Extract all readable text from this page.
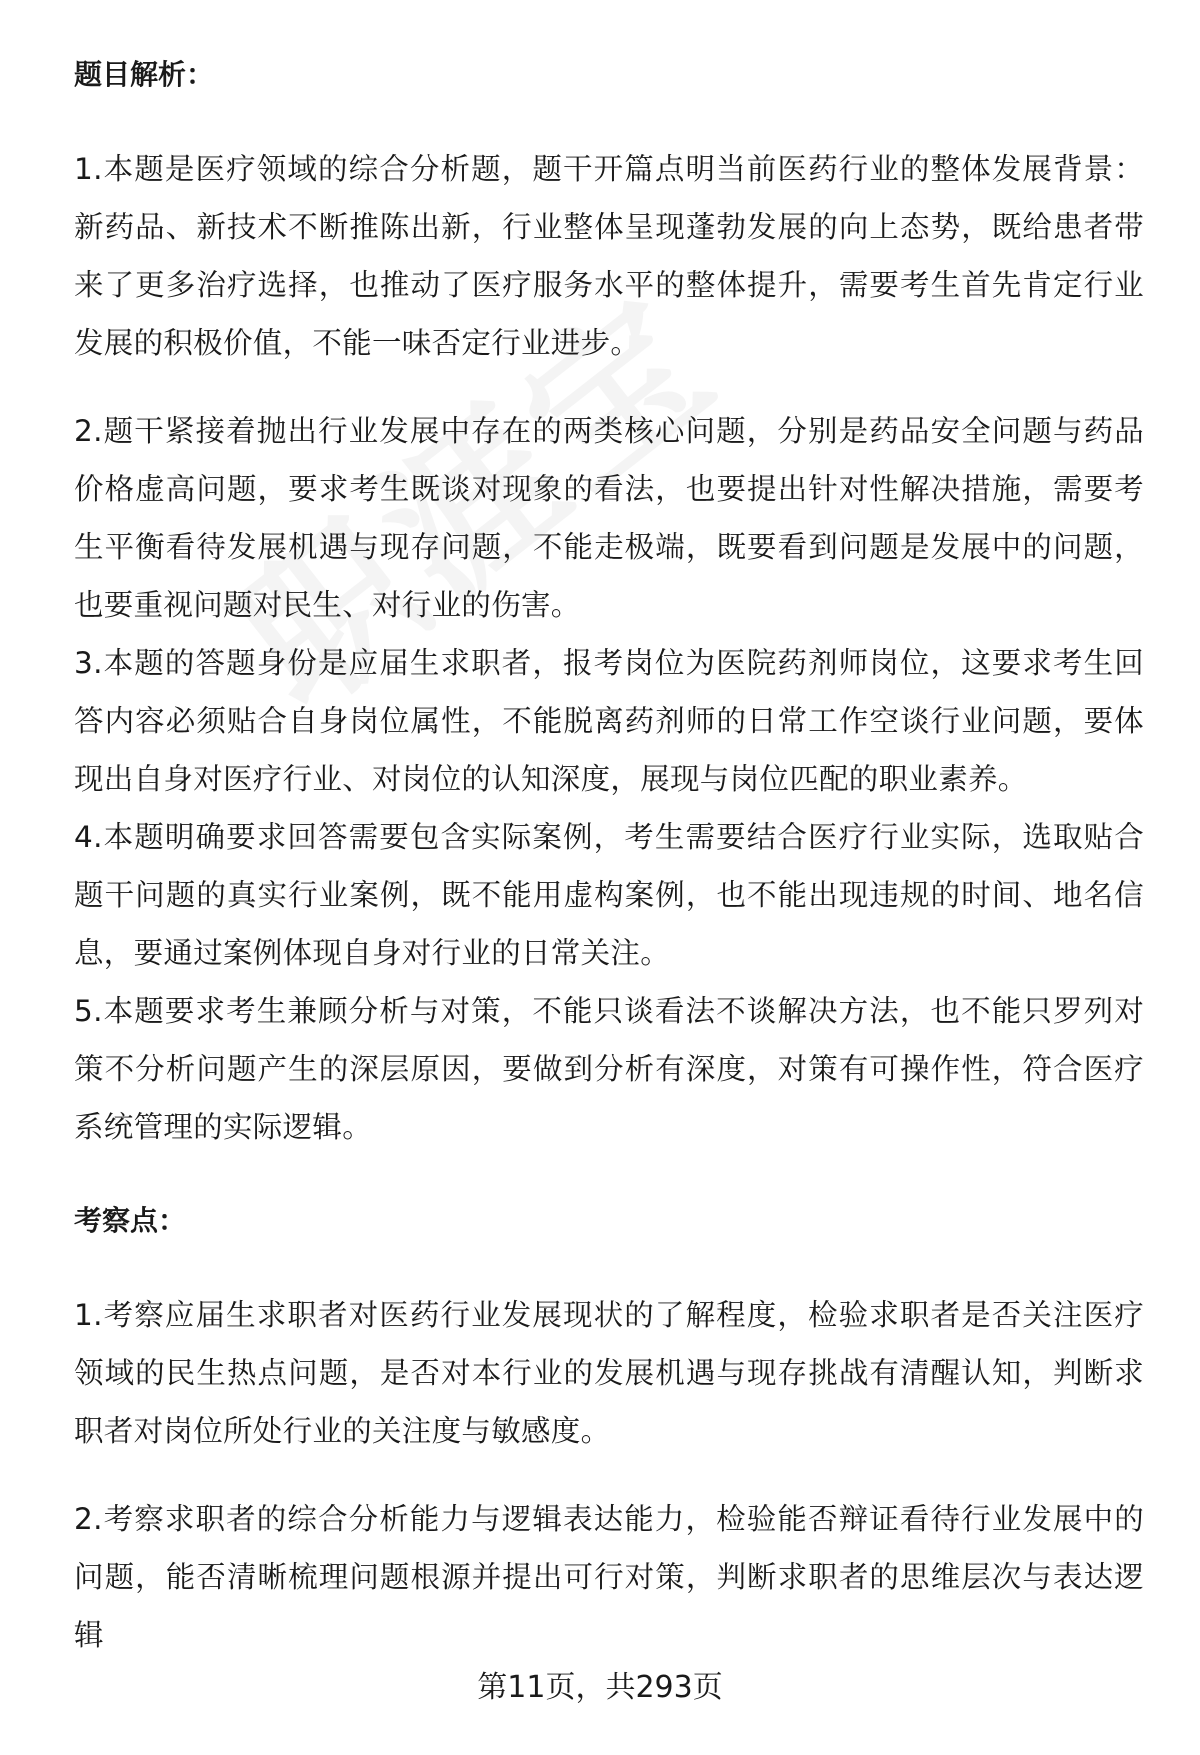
题目解析：

1.本题是医疗领域的综合分析题，题干开篇点明当前医药行业的整体发展背景：新药品、新技术不断推陈出新，行业整体呈现蓬勃发展的向上态势，既给患者带来了更多治疗选择，也推动了医疗服务水平的整体提升，需要考生首先肯定行业发展的积极价值，不能一味否定行业进步。

2.题干紧接着抛出行业发展中存在的两类核心问题，分别是药品安全问题与药品价格虚高问题，要求考生既谈对现象的看法，也要提出针对性解决措施，需要考生平衡看待发展机遇与现存问题，不能走极端，既要看到问题是发展中的问题，也要重视问题对民生、对行业的伤害。

3.本题的答题身份是应届生求职者，报考岗位为医院药剂师岗位，这要求考生回答内容必须贴合自身岗位属性，不能脱离药剂师的日常工作空谈行业问题，要体现出自身对医疗行业、对岗位的认知深度，展现与岗位匹配的职业素养。

4.本题明确要求回答需要包含实际案例，考生需要结合医疗行业实际，选取贴合题干问题的真实行业案例，既不能用虚构案例，也不能出现违规的时间、地名信息，要通过案例体现自身对行业的日常关注。

5.本题要求考生兼顾分析与对策，不能只谈看法不谈解决方法，也不能只罗列对策不分析问题产生的深层原因，要做到分析有深度，对策有可操作性，符合医疗系统管理的实际逻辑。

考察点：

1.考察应届生求职者对医药行业发展现状的了解程度，检验求职者是否关注医疗领域的民生热点问题，是否对本行业的发展机遇与现存挑战有清醒认知，判断求职者对岗位所处行业的关注度与敏感度。

2.考察求职者的综合分析能力与逻辑表达能力，检验能否辩证看待行业发展中的问题，能否清晰梳理问题根源并提出可行对策，判断求职者的思维层次与表达逻辑

第11页，共293页
